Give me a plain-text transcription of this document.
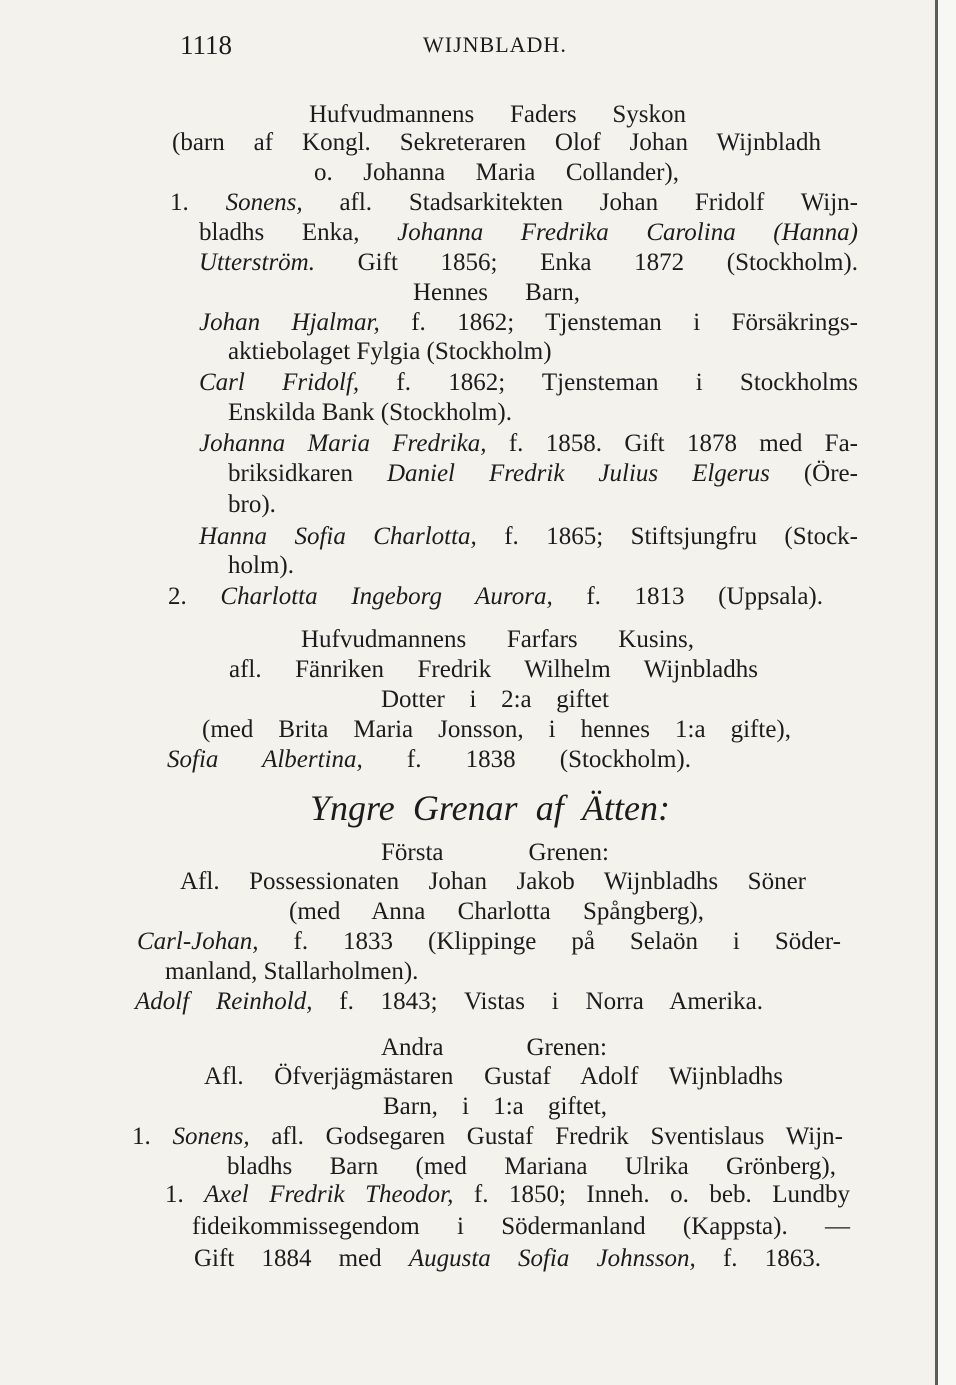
1118	WIJNBLADH.
Hufvudmannens Faders Syskon
(barn af Kongl. Sekreteraren Olof Johan Wijnbladh
o. Johanna Maria Collander),
1. Sonens, afl. Stadsarkitekten Johan Fridolf Wijn-
bladhs Enka, Johanna Fredrika Carolina (Hanna)
Utterström. Gift 1856; Enka 1872 (Stockholm).
Hennes Barn,
Johan Hjalmar, f. 1862; Tjensteman i Försäkrings-
aktiebolaget Fylgia (Stockholm)
Carl Fridolf, f. 1862; Tjensteman i Stockholms
Enskilda Bank (Stockholm).
Johanna Maria Fredrika, f. 1858. Gift 1878 med Fa-
briksidkaren Daniel Fredrik Julius Elgerus (Öre-
bro).
Hanna Sofia Charlotta, f. 1865; Stiftsjungfru (Stock-
holm).
2. Charlotta Ingeborg Aurora, f. 1813 (Uppsala).
Hufvudmannens Farfars Kusins,
afl. Fänriken Fredrik Wilhelm Wijnbladhs
Dotter i 2:a giftet
(med Brita Maria Jonsson, i hennes 1:a gifte),
Sofia Albertina, f. 1838 (Stockholm).
Yngre Grenar af Ätten:
Första Grenen:
Afl. Possessionaten Johan Jakob Wijnbladhs Söner
(med Anna Charlotta Spångberg),
Carl-Johan, f. 1833 (Klippinge på Selaön i Söder-
manland, Stallarholmen).
Adolf Reinhold, f. 1843; Vistas i Norra Amerika.
Andra Grenen:
Afl. Öfverjägmästaren Gustaf Adolf Wijnbladhs
Barn, i 1:a giftet,
1. Sonens, afl. Godsegaren Gustaf Fredrik Sventislaus Wijn-
bladhs Barn (med Mariana Ulrika Grönberg),
1. Axel Fredrik Theodor, f. 1850; Inneh. o. beb. Lundby
fideikommissegendom i Södermanland (Kappsta). —
Gift 1884 med Augusta Sofia Johnsson, f. 1863.
